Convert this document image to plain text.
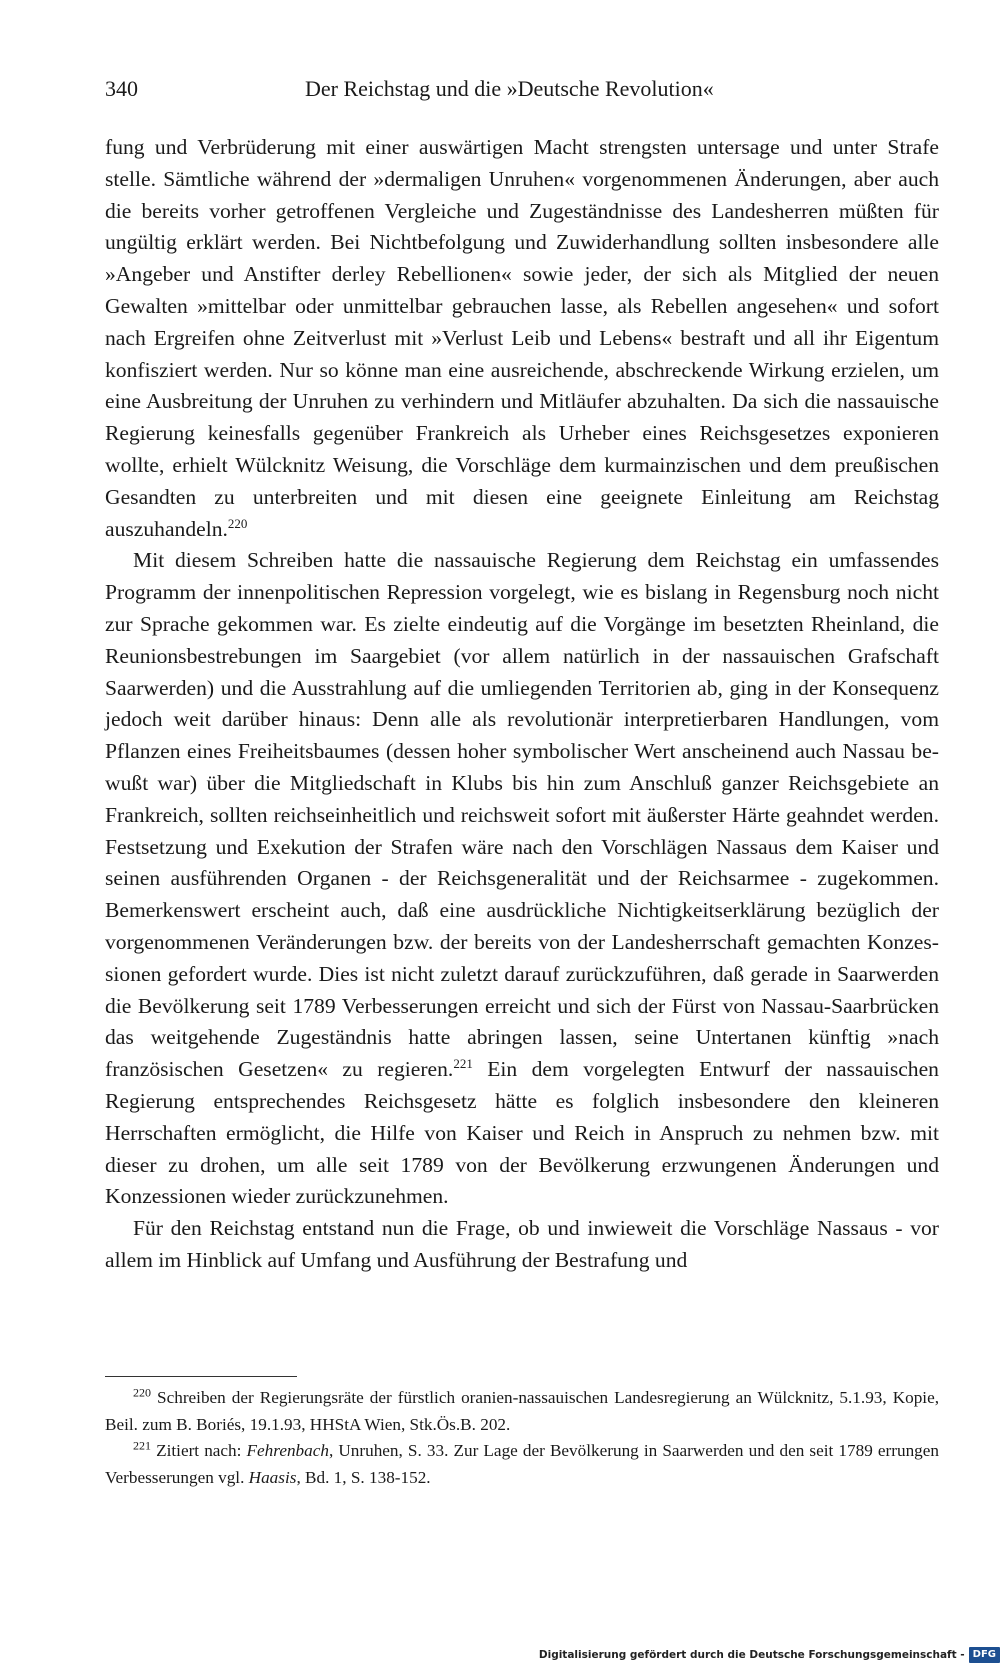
340	Der Reichstag und die »Deutsche Revolution«

fung und Verbrüderung mit einer auswärtigen Macht strengsten untersage und unter Strafe stelle. Sämtliche während der »dermaligen Unruhen« vorgenommenen Änderungen, aber auch die bereits vorher getroffenen Vergleiche und Zugeständnisse des Landesherren müßten für ungültig erklärt werden. Bei Nichtbefolgung und Zuwiderhandlung sollten insbesondere alle »Angeber und Anstifter derley Rebellionen« sowie jeder, der sich als Mitglied der neuen Gewalten »mittelbar oder unmittelbar gebrauchen lasse, als Rebellen angesehen« und sofort nach Ergreifen ohne Zeitverlust mit »Verlust Leib und Lebens« bestraft und all ihr Eigentum konfisziert werden. Nur so könne man eine ausreichende, abschreckende Wirkung erzielen, um eine Ausbreitung der Unruhen zu verhindern und Mitläufer abzuhalten. Da sich die nassauische Regierung keinesfalls gegenüber Frankreich als Urheber eines Reichsgesetzes exponieren wollte, erhielt Wülcknitz Weisung, die Vorschläge dem kurmainzischen und dem preußischen Gesandten zu unterbreiten und mit diesen eine geeignete Einleitung am Reichstag auszuhandeln.$^{220}$

Mit diesem Schreiben hatte die nassauische Regierung dem Reichstag ein umfassendes Programm der innenpolitischen Repression vorgelegt, wie es bislang in Regensburg noch nicht zur Sprache gekommen war. Es zielte eindeutig auf die Vorgänge im besetzten Rheinland, die Reunionsbestrebungen im Saargebiet (vor allem natürlich in der nassauischen Grafschaft Saarwerden) und die Ausstrahlung auf die umliegenden Territorien ab, ging in der Konsequenz jedoch weit darüber hinaus: Denn alle als revolutionär interpretierbaren Handlungen, vom Pflanzen eines Freiheitsbaumes (dessen hoher symbolischer Wert anscheinend auch Nassau bewußt war) über die Mitgliedschaft in Klubs bis hin zum Anschluß ganzer Reichsgebiete an Frankreich, sollten reichseinheitlich und reichsweit sofort mit äußerster Härte geahndet werden. Festsetzung und Exekution der Strafen wäre nach den Vorschlägen Nassaus dem Kaiser und seinen ausführenden Organen - der Reichsgeneralität und der Reichsarmee - zugekommen. Bemerkenswert erscheint auch, daß eine ausdrückliche Nichtigkeitserklärung bezüglich der vorgenommenen Veränderungen bzw. der bereits von der Landesherrschaft gemachten Konzessionen gefordert wurde. Dies ist nicht zuletzt darauf zurückzuführen, daß gerade in Saarwerden die Bevölkerung seit 1789 Verbesserungen erreicht und sich der Fürst von Nassau-Saarbrücken das weitgehende Zugeständnis hatte abringen lassen, seine Untertanen künftig »nach französischen Gesetzen« zu regieren.$^{221}$ Ein dem vorgelegten Entwurf der nassauischen Regierung entsprechendes Reichsgesetz hätte es folglich insbesondere den kleineren Herrschaften ermöglicht, die Hilfe von Kaiser und Reich in Anspruch zu nehmen bzw. mit dieser zu drohen, um alle seit 1789 von der Bevölkerung erzwungenen Änderungen und Konzessionen wieder zurückzunehmen.

Für den Reichstag entstand nun die Frage, ob und inwieweit die Vorschläge Nassaus - vor allem im Hinblick auf Umfang und Ausführung der Bestrafung und

$^{220}$ Schreiben der Regierungsräte der fürstlich oranien-nassauischen Landesregierung an Wülcknitz, 5.1.93, Kopie, Beil. zum B. Boriés, 19.1.93, HHStA Wien, Stk.Ös.B. 202.

$^{221}$ Zitiert nach: Fehrenbach, Unruhen, S. 33. Zur Lage der Bevölkerung in Saarwerden und den seit 1789 errungen Verbesserungen vgl. Haasis, Bd. 1, S. 138-152.

Digitalisierung gefördert durch die Deutsche Forschungsgemeinschaft - DFG
